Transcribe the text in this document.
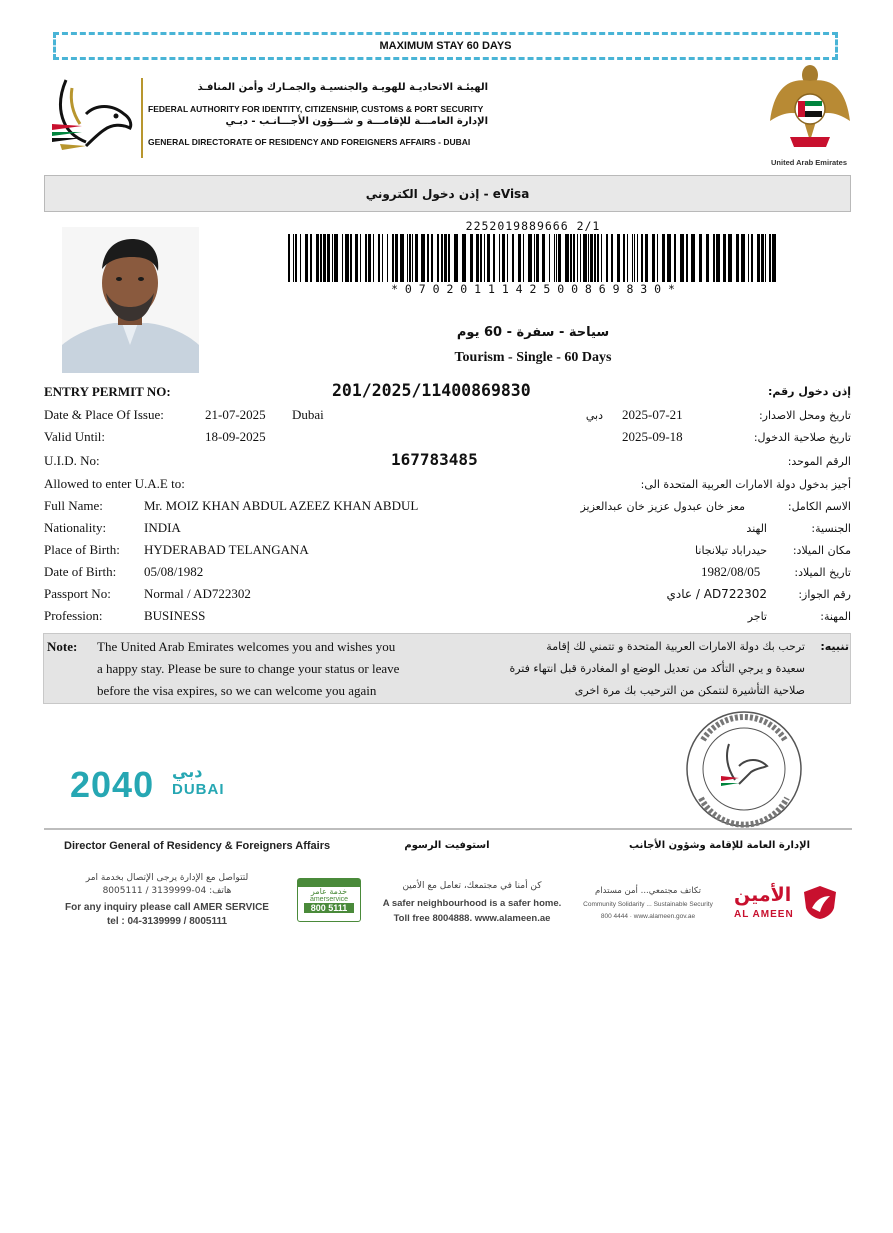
MAXIMUM STAY 60 DAYS
الهيئـة الاتحاديـة للهويـة والجنسيـة والجمـارك وأمن المنافـذ
FEDERAL AUTHORITY FOR IDENTITY, CITIZENSHIP, CUSTOMS & PORT SECURITY
الإدارة العامـــة للإقامـــة و شـــؤون الأجـــانـب - دبـي
GENERAL DIRECTORATE OF RESIDENCY AND FOREIGNERS AFFAIRS - DUBAI
United Arab Emirates
إذن دخول الكتروني - eVisa
2252019889666 2/1
* 0 7 0 2 0 1 1 1 4 2 5 0 0 8 6 9 8 3 0 *
سياحة - سفرة - 60 يوم
Tourism - Single - 60 Days
ENTRY PERMIT NO:	201/2025/11400869830	إذن دخول رقم:
Date & Place Of Issue:	21-07-2025 Dubai	دبي 2025-07-21	تاريخ ومحل الاصدار:
Valid Until:	18-09-2025	2025-09-18	تاريخ صلاحية الدخول:
U.I.D. No:	167783485	الرقم الموحد:
Allowed to enter U.A.E to:	أجيز بدخول دولة الامارات العربية المتحدة الى:
Full Name:	Mr. MOIZ KHAN ABDUL AZEEZ KHAN ABDUL	معز خان عبدول عزيز خان عبدالعزيز	الاسم الكامل:
Nationality:	INDIA	الهند	الجنسية:
Place of Birth: HYDERABAD TELANGANA	حيدراباد تيلانجانا مكان الميلاد:
Date of Birth: 05/08/1982	1982/08/05	تاريخ الميلاد:
Passport No:	Normal / AD722302	AD722302 / عادي	رقم الجواز:
Profession:	BUSINESS	تاجر	المهنة:
Note: The United Arab Emirates welcomes you and wishes you
a happy stay. Please be sure to change your status or leave
before the visa expires, so we can welcome you again
تنبيه:
ترحب بك دولة الامارات العربية المتحدة و تتمني لك إقامة
سعيدة و يرجي التأكد من تعديل الوضع او المغادرة قبل انتهاء فترة
صلاحية التأشيرة لنتمكن من الترحيب بك مرة اخرى
2040 دبي
DUBAI
Director General of Residency & Foreigners Affairs	استوفيت الرسوم	الإدارة العامة للإقامة وشؤون الأجانب
لتتواصل مع الإدارة يرجى الإتصال بخدمة امر
هاتف: 04-3139999 / 8005111
For any inquiry please call AMER SERVICE
tel : 04-3139999 / 8005111
خدمة عامر
amerservice
800 5111
كن أمنا في مجتمعك، تعامل مع الأمين
A safer neighbourhood is a safer home.
Toll free 8004888. www.alameen.ae
تكاتف مجتمعي... أمن مستدام
Community Solidarity ... Sustainable Security
800 4444 · www.alameen.gov.ae
الأمين
AL AMEEN
